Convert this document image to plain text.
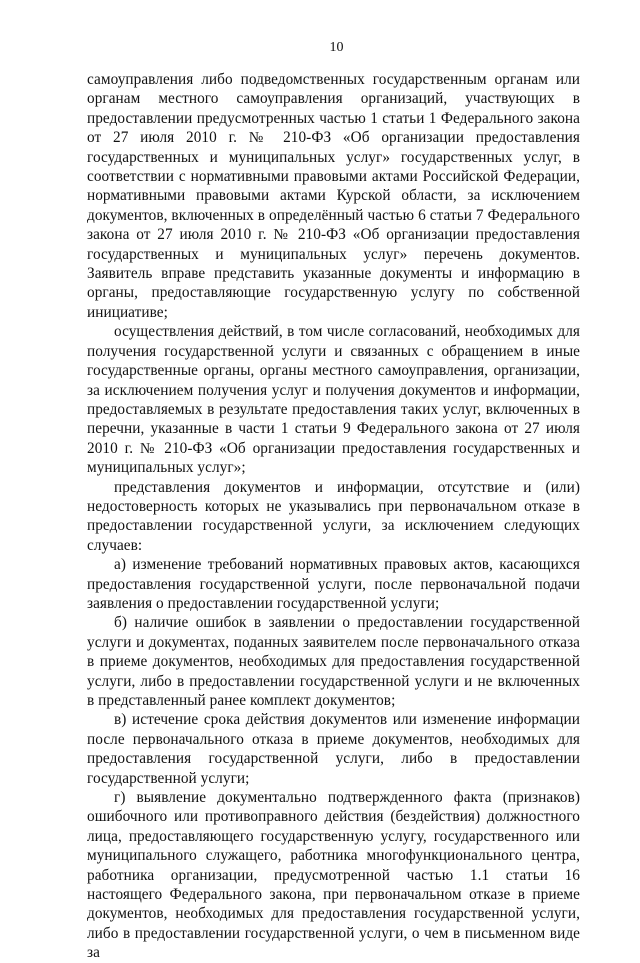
10

самоуправления либо подведомственных государственным органам или органам местного самоуправления организаций, участвующих в предоставлении предусмотренных частью 1 статьи 1 Федерального закона от 27 июля 2010 г. № 210-ФЗ «Об организации предоставления государственных и муниципальных услуг» государственных услуг, в соответствии с нормативными правовыми актами Российской Федерации, нормативными правовыми актами Курской области, за исключением документов, включенных в определённый частью 6 статьи 7 Федерального закона от 27 июля 2010 г. № 210-ФЗ «Об организации предоставления государственных и муниципальных услуг» перечень документов. Заявитель вправе представить указанные документы и информацию в органы, предоставляющие государственную услугу по собственной инициативе;

осуществления действий, в том числе согласований, необходимых для получения государственной услуги и связанных с обращением в иные государственные органы, органы местного самоуправления, организации, за исключением получения услуг и получения документов и информации, предоставляемых в результате предоставления таких услуг, включенных в перечни, указанные в части 1 статьи 9 Федерального закона от 27 июля 2010 г. № 210-ФЗ «Об организации предоставления государственных и муниципальных услуг»;

представления документов и информации, отсутствие и (или) недостоверность которых не указывались при первоначальном отказе в предоставлении государственной услуги, за исключением следующих случаев:

а) изменение требований нормативных правовых актов, касающихся предоставления государственной услуги, после первоначальной подачи заявления о предоставлении государственной услуги;

б) наличие ошибок в заявлении о предоставлении государственной услуги и документах, поданных заявителем после первоначального отказа в приеме документов, необходимых для предоставления государственной услуги, либо в предоставлении государственной услуги и не включенных в представленный ранее комплект документов;

в) истечение срока действия документов или изменение информации после первоначального отказа в приеме документов, необходимых для предоставления государственной услуги, либо в предоставлении государственной услуги;

г) выявление документально подтвержденного факта (признаков) ошибочного или противоправного действия (бездействия) должностного лица, предоставляющего государственную услугу, государственного или муниципального служащего, работника многофункционального центра, работника организации, предусмотренной частью 1.1 статьи 16 настоящего Федерального закона, при первоначальном отказе в приеме документов, необходимых для предоставления государственной услуги, либо в предоставлении государственной услуги, о чем в письменном виде за
